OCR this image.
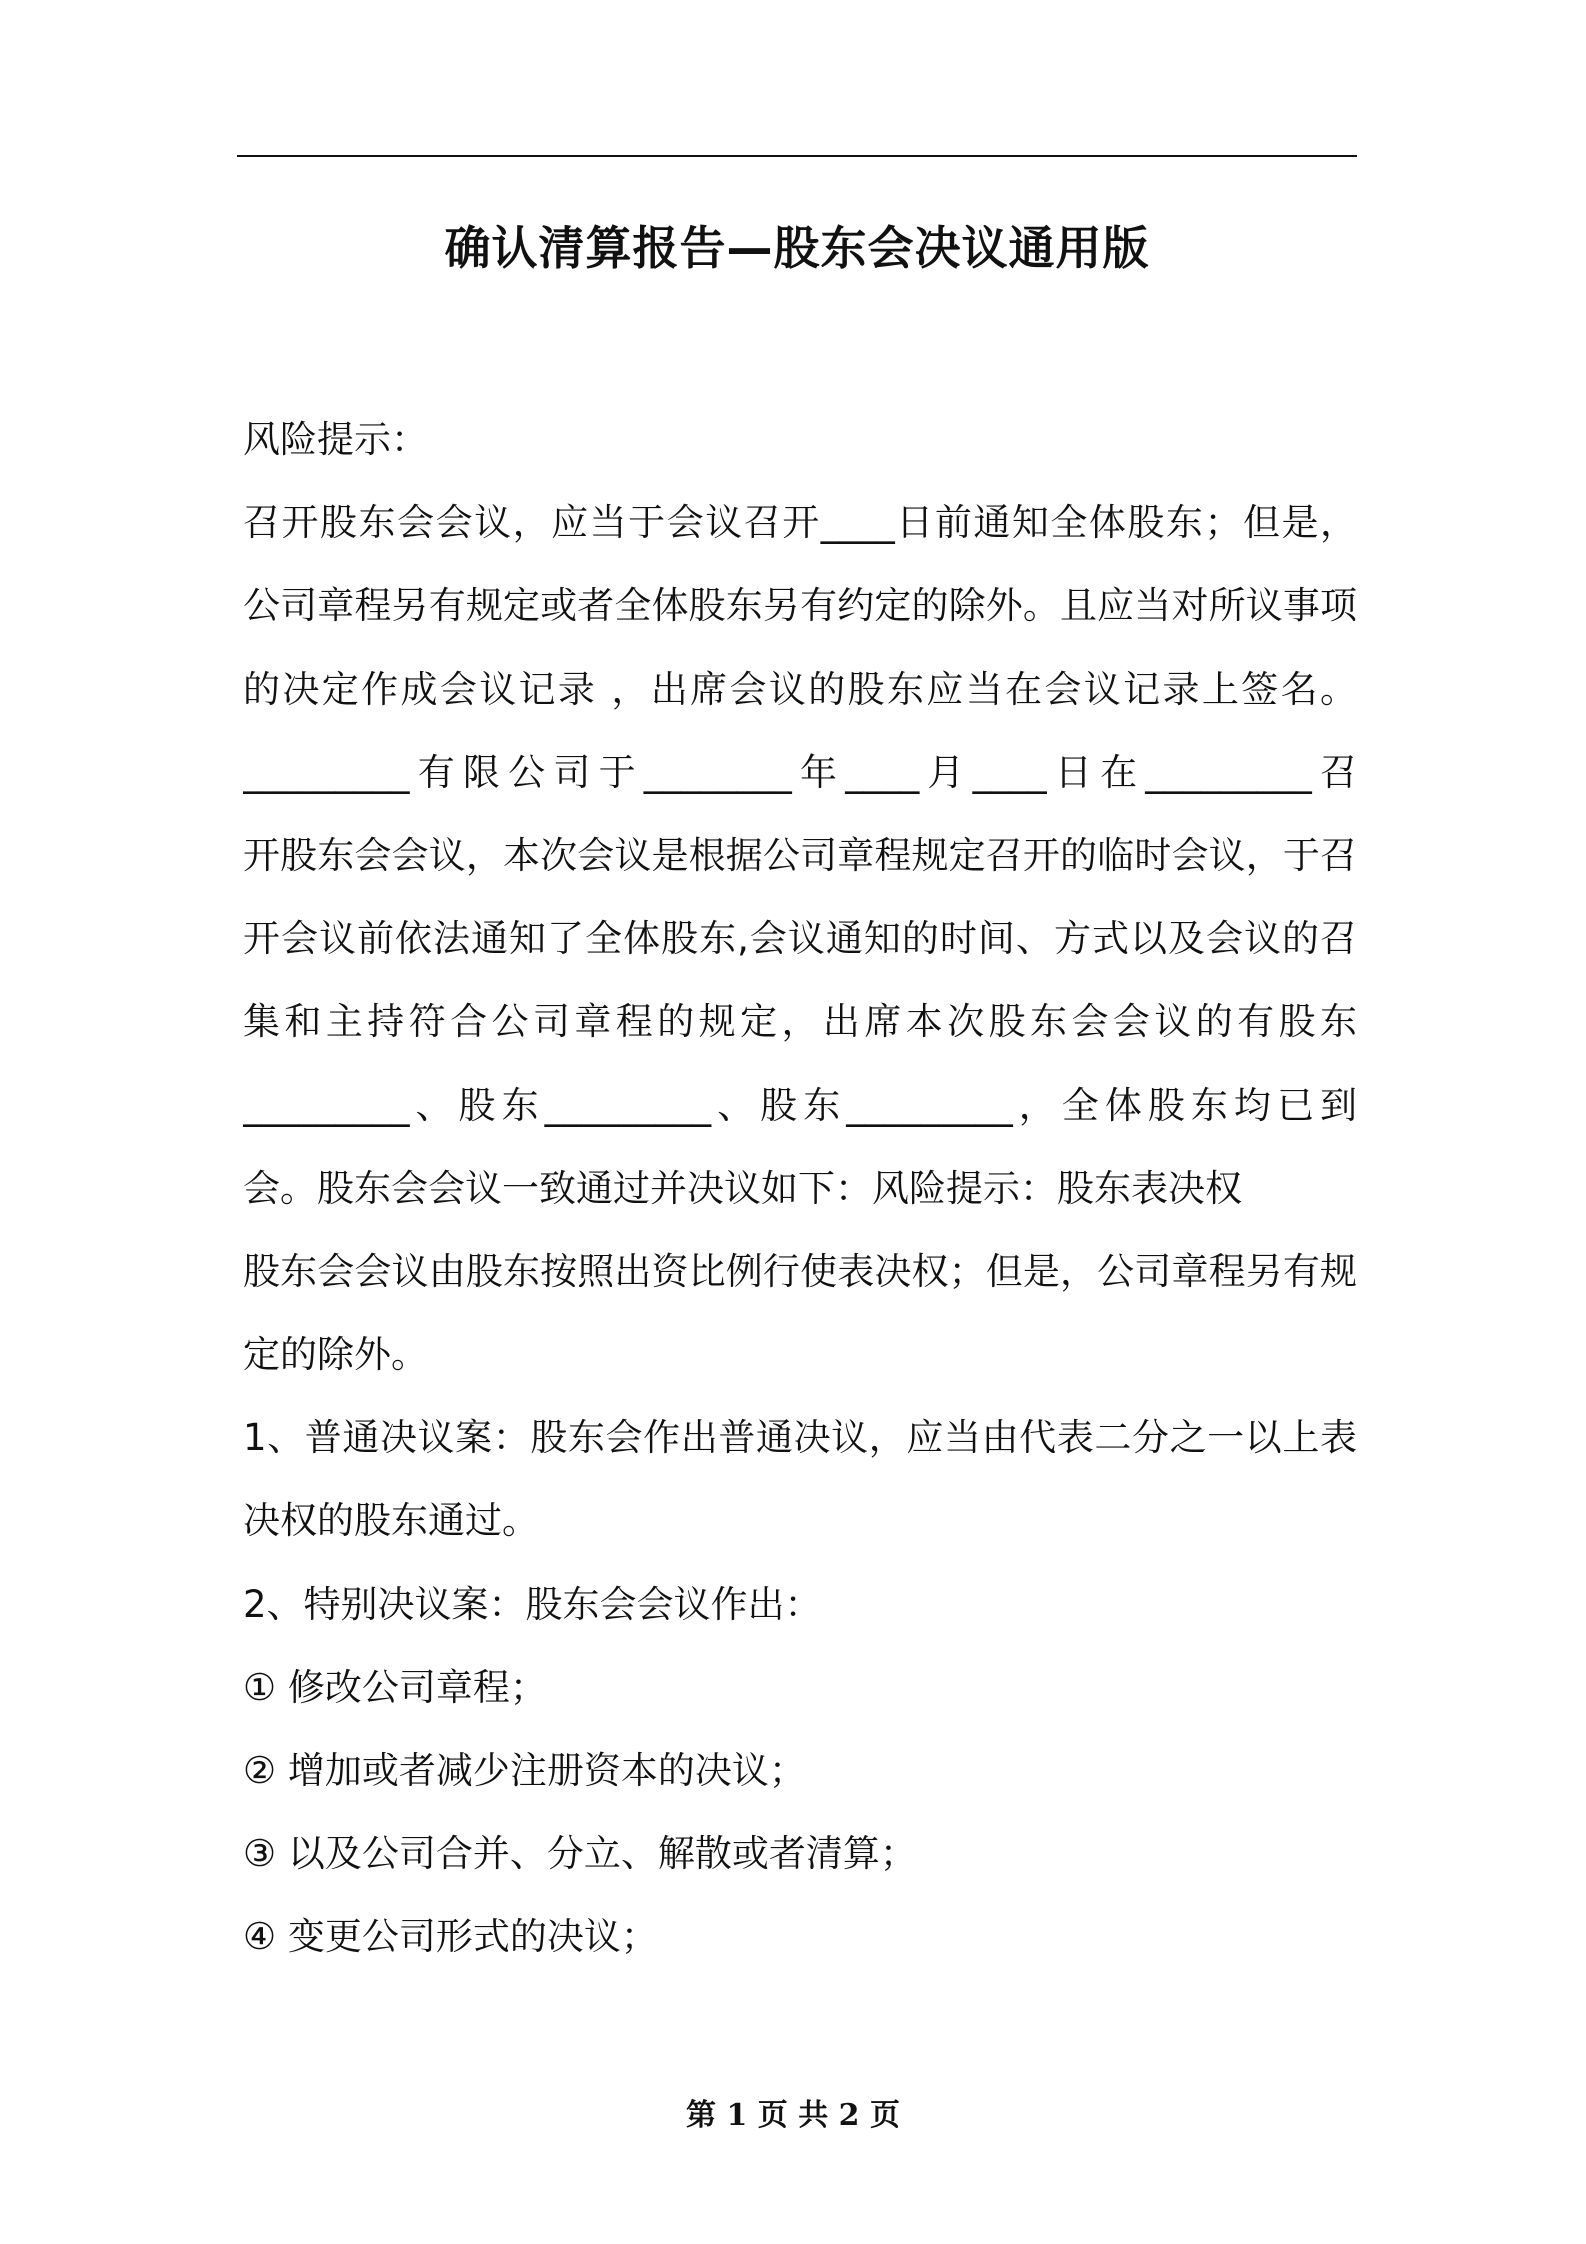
确认清算报告—股东会决议通用版
风险提示：
召开股东会会议，应当于会议召开____日前通知全体股东；但是，
公司章程另有规定或者全体股东另有约定的除外。且应当对所议事项
的决定作成会议记录 ，出席会议的股东应当在会议记录上签名。
_________有限公司于________年____月____日在_________召
开股东会会议，本次会议是根据公司章程规定召开的临时会议，于召
开会议前依法通知了全体股东,会议通知的时间、方式以及会议的召
集和主持符合公司章程的规定，出席本次股东会会议的有股东
_________、股东_________、股东_________，全体股东均已到
会。股东会会议一致通过并决议如下：风险提示：股东表决权
股东会会议由股东按照出资比例行使表决权；但是，公司章程另有规
定的除外。
1、普通决议案：股东会作出普通决议，应当由代表二分之一以上表
决权的股东通过。
2、特别决议案：股东会会议作出：
① 修改公司章程；
② 增加或者减少注册资本的决议；
③ 以及公司合并、分立、解散或者清算；
④ 变更公司形式的决议；
第 1 页 共 2 页
